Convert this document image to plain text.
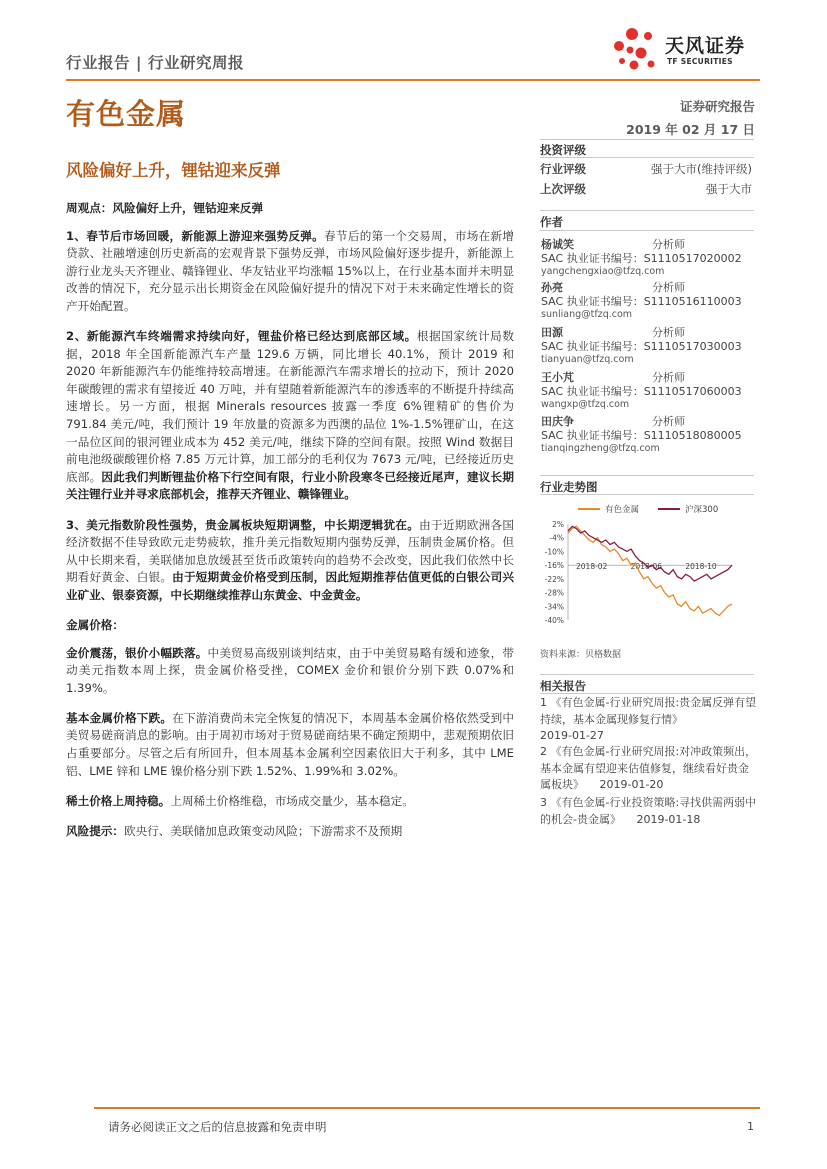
行业报告 | 行业研究周报
天风证券
TF SECURITIES
有色金属	证券研究报告
2019 年 02 月 17 日
风险偏好上升，锂钴迎来反弹

周观点：风险偏好上升，锂钴迎来反弹

1、春节后市场回暖，新能源上游迎来强势反弹。春节后的第一个交易周，市场在新增贷款、社融增速创历史新高的宏观背景下强势反弹，市场风险偏好逐步提升，新能源上游行业龙头天齐锂业、赣锋锂业、华友钴业平均涨幅 15%以上，在行业基本面并未明显改善的情况下，充分显示出长期资金在风险偏好提升的情况下对于未来确定性增长的资产开始配置。

2、新能源汽车终端需求持续向好，锂盐价格已经达到底部区域。根据国家统计局数据，2018 年全国新能源汽车产量 129.6 万辆，同比增长 40.1%，预计 2019 和 2020 年新能源汽车仍能维持较高增速。在新能源汽车需求增长的拉动下，预计 2020 年碳酸锂的需求有望接近 40 万吨，并有望随着新能源汽车的渗透率的不断提升持续高速增长。另一方面，根据 Minerals resources 披露一季度 6%锂精矿的售价为 791.84 美元/吨，我们预计 19 年放量的资源多为西澳的品位 1%-1.5%锂矿山，在这一品位区间的银河锂业成本为 452 美元/吨，继续下降的空间有限。按照 Wind 数据目前电池级碳酸锂价格 7.85 万元计算，加工部分的毛利仅为 7673 元/吨，已经接近历史底部。因此我们判断锂盐价格下行空间有限，行业小阶段寒冬已经接近尾声，建议长期关注锂行业并寻求底部机会，推荐天齐锂业、赣锋锂业。

3、美元指数阶段性强势，贵金属板块短期调整，中长期逻辑犹在。由于近期欧洲各国经济数据不佳导致欧元走势疲软，推升美元指数短期内强势反弹，压制贵金属价格。但从中长期来看，美联储加息放缓甚至货币政策转向的趋势不会改变，因此我们依然中长期看好黄金、白银。由于短期黄金价格受到压制，因此短期推荐估值更低的白银公司兴业矿业、银泰资源，中长期继续推荐山东黄金、中金黄金。

金属价格：

金价震荡，银价小幅跌落。中美贸易高级别谈判结束，由于中美贸易略有缓和迹象，带动美元指数本周上探，贵金属价格受挫，COMEX 金价和银价分别下跌 0.07%和 1.39%。

基本金属价格下跌。在下游消费尚未完全恢复的情况下，本周基本金属价格依然受到中美贸易磋商消息的影响。由于周初市场对于贸易磋商结果不确定预期中，悲观预期依旧占重要部分。尽管之后有所回升，但本周基本金属利空因素依旧大于利多，其中 LME 铝、LME 锌和 LME 镍价格分别下跌 1.52%、1.99%和 3.02%。

稀土价格上周持稳。上周稀土价格维稳，市场成交量少，基本稳定。

风险提示：欧央行、美联储加息政策变动风险；下游需求不及预期

投资评级
行业评级	强于大市(维持评级)
上次评级	强于大市
作者
杨诚笑	分析师
SAC 执业证书编号：S1110517020002
yangchengxiao@tfzq.com
孙亮	分析师
SAC 执业证书编号：S1110516110003
sunliang@tfzq.com
田源	分析师
SAC 执业证书编号：S1110517030003
tianyuan@tfzq.com
王小芃	分析师
SAC 执业证书编号：S1110517060003
wangxp@tfzq.com
田庆争	分析师
SAC 执业证书编号：S1110518080005
tianqingzheng@tfzq.com
行业走势图
有色金属	沪深300
2%
-4%
-10%
-16%
-22%
-28%
-34%
-40%
2018-02	2018-06	2018-10
资料来源：贝格数据
相关报告
1 《有色金属-行业研究周报:贵金属反弹有望持续，基本金属现修复行情》
2019-01-27
2 《有色金属-行业研究周报:对冲政策频出，基本金属有望迎来估值修复，继续看好贵金属板块》 2019-01-20
3 《有色金属-行业投资策略:寻找供需两弱中的机会-贵金属》 2019-01-18
请务必阅读正文之后的信息披露和免责申明	1
